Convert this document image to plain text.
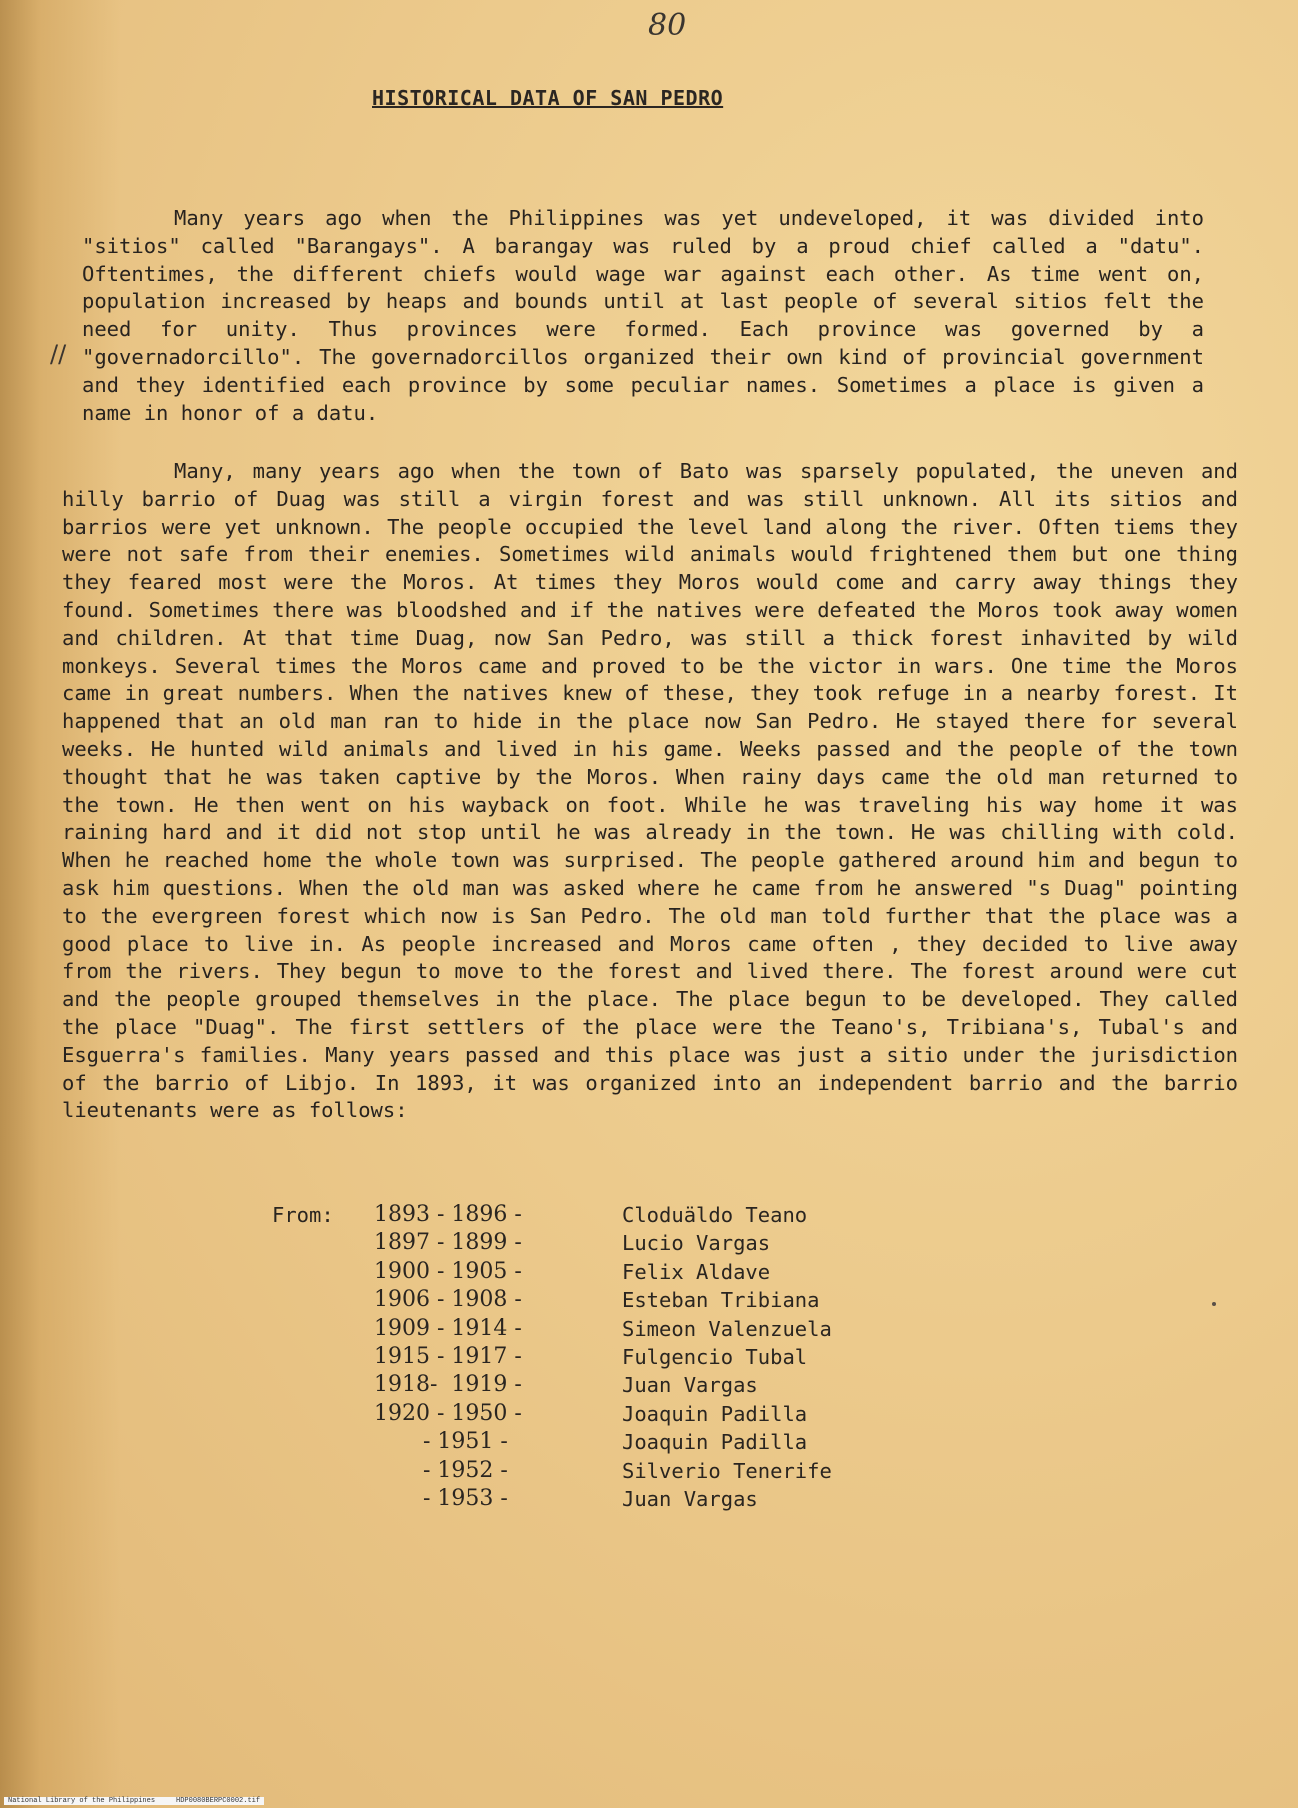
80
HISTORICAL DATA OF SAN PEDRO
//
Many years ago when the Philippines was yet undeveloped, it was divided into "sitios" called "Barangays". A barangay was ruled by a proud chief called a "datu". Oftentimes, the different chiefs would wage war against each other. As time went on, population increased by heaps and bounds until at last people of several sitios felt the need for unity. Thus provinces were formed. Each province was governed by a "governadorcillo". The governadorcillos organized their own kind of provincial government and they identified each province by some peculiar names. Sometimes a place is given a name in honor of a datu.
Many, many years ago when the town of Bato was sparsely populated, the uneven and hilly barrio of Duag was still a virgin forest and was still unknown. All its sitios and barrios were yet unknown. The people occupied the level land along the river. Often tiems they were not safe from their enemies. Sometimes wild animals would frightened them but one thing they feared most were the Moros. At times they Moros would come and carry away things they found. Sometimes there was bloodshed and if the natives were defeated the Moros took away women and children. At that time Duag, now San Pedro, was still a thick forest inhavited by wild monkeys. Several times the Moros came and proved to be the victor in wars. One time the Moros came in great numbers. When the natives knew of these, they took refuge in a nearby forest. It happened that an old man ran to hide in the place now San Pedro. He stayed there for several weeks. He hunted wild animals and lived in his game. Weeks passed and the people of the town thought that he was taken captive by the Moros. When rainy days came the old man returned to the town. He then went on his wayback on foot. While he was traveling his way home it was raining hard and it did not stop until he was already in the town. He was chilling with cold. When he reached home the whole town was surprised. The people gathered around him and begun to ask him questions. When the old man was asked where he came from he answered "s Duag" pointing to the evergreen forest which now is San Pedro. The old man told further that the place was a good place to live in. As people increased and Moros came often , they decided to live away from the rivers. They begun to move to the forest and lived there. The forest around were cut and the people grouped themselves in the place. The place begun to be developed. They called the place "Duag". The first settlers of the place were the Teano's, Tribiana's, Tubal's and Esguerra's families. Many years passed and this place was just a sitio under the jurisdiction of the barrio of Libjo. In 1893, it was organized into an independent barrio and the barrio lieutenants were as follows:
From:	1893 - 1896 -	Cloduäldo Teano
1897 - 1899 -	Lucio Vargas
1900 - 1905 -	Felix Aldave
1906 - 1908 -	Esteban Tribiana
1909 - 1914 -	Simeon Valenzuela
1915 - 1917 -	Fulgencio Tubal
1918-  1919 -	Juan Vargas
1920 - 1950 -	Joaquin Padilla
- 1951 -	Joaquin Padilla
- 1952 -	Silverio Tenerife
- 1953 -	Juan Vargas
National Library of the Philippines     HDP0080BERPC0002.tif
